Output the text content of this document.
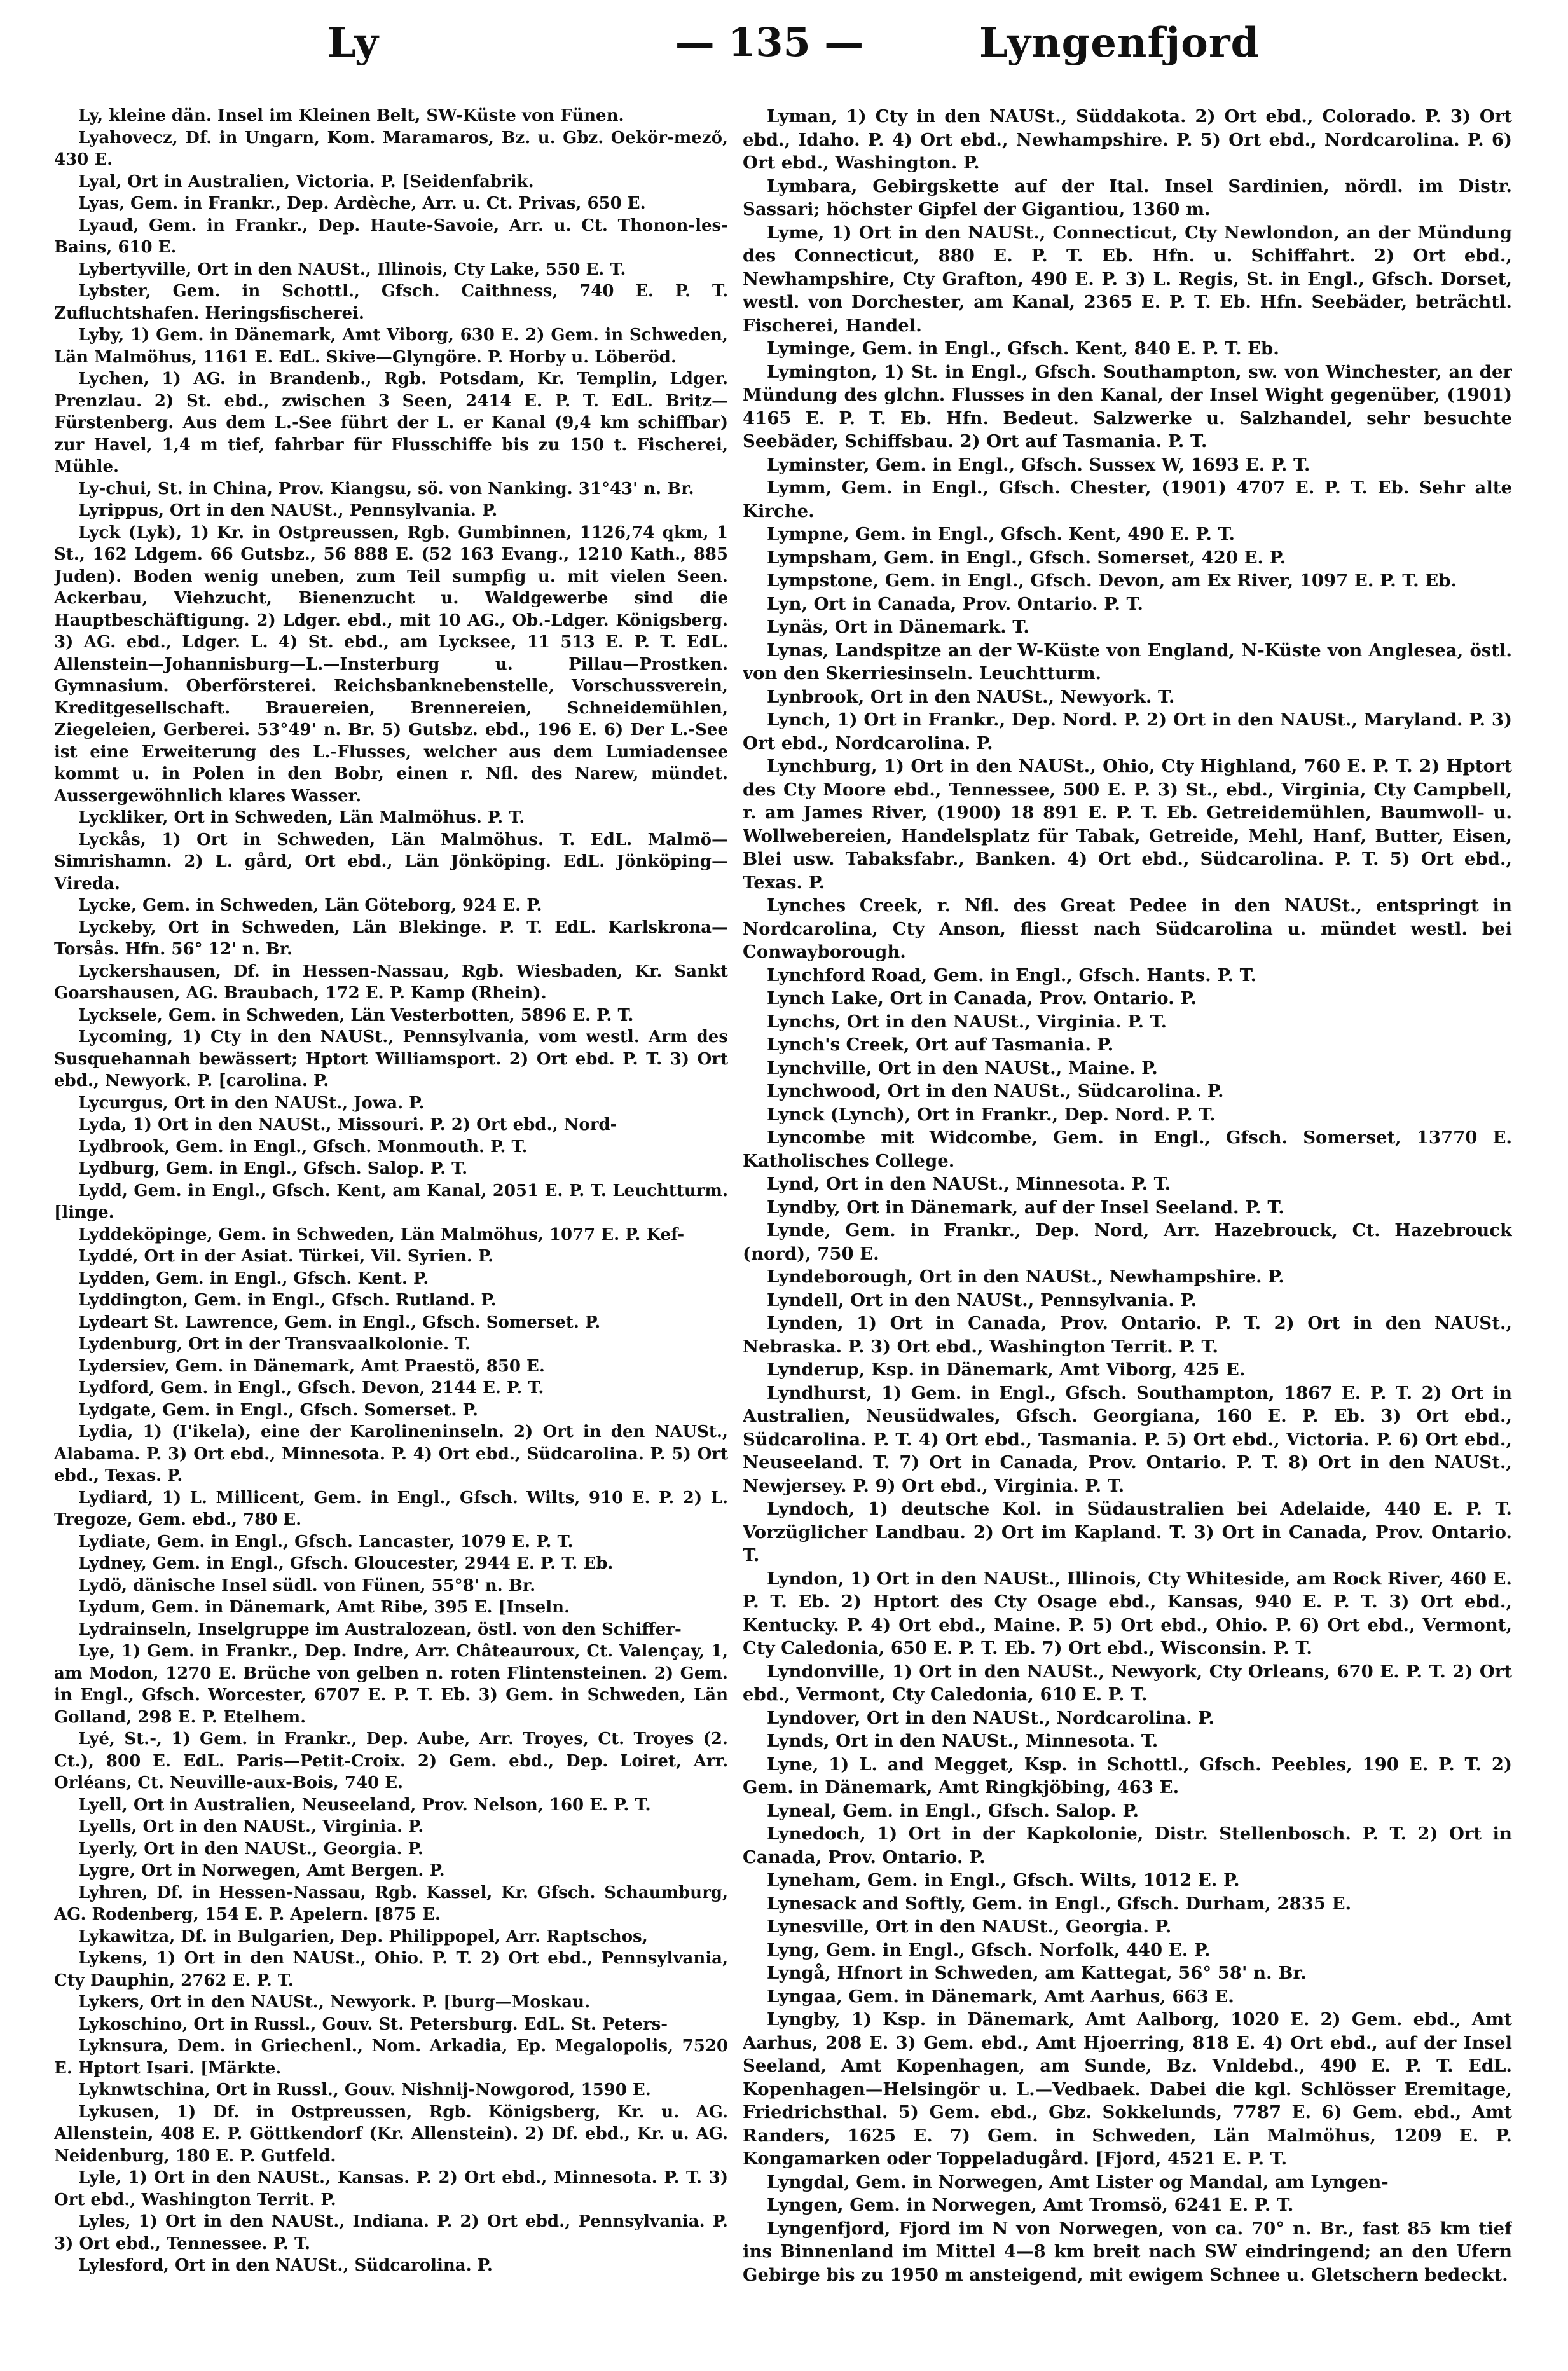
Ly	— 135 —	Lyngenfjord

Ly, kleine dän. Insel im Kleinen Belt, SW-Küste von Fünen.

Lyahovecz, Df. in Ungarn, Kom. Maramaros, Bz. u. Gbz. Oekör-mező, 430 E.

Lyal, Ort in Australien, Victoria. P. [Seidenfabrik.

Lyas, Gem. in Frankr., Dep. Ardèche, Arr. u. Ct. Privas, 650 E.

Lyaud, Gem. in Frankr., Dep. Haute-Savoie, Arr. u. Ct. Thonon-les-Bains, 610 E.

Lybertyville, Ort in den NAUSt., Illinois, Cty Lake, 550 E. T.

Lybster, Gem. in Schottl., Gfsch. Caithness, 740 E. P. T. Zufluchtshafen. Heringsfischerei.

Lyby, 1) Gem. in Dänemark, Amt Viborg, 630 E. 2) Gem. in Schweden, Län Malmöhus, 1161 E. EdL. Skive—Glyngöre. P. Horby u. Löberöd.

Lychen, 1) AG. in Brandenb., Rgb. Potsdam, Kr. Templin, Ldger. Prenzlau. 2) St. ebd., zwischen 3 Seen, 2414 E. P. T. EdL. Britz—Fürstenberg. Aus dem L.-See führt der L. er Kanal (9,4 km schiffbar) zur Havel, 1,4 m tief, fahrbar für Flusschiffe bis zu 150 t. Fischerei, Mühle.

Ly-chui, St. in China, Prov. Kiangsu, sö. von Nanking. 31°43' n. Br.

Lyrippus, Ort in den NAUSt., Pennsylvania. P.

Lyck (Lyk), 1) Kr. in Ostpreussen, Rgb. Gumbinnen, 1126,74 qkm, 1 St., 162 Ldgem. 66 Gutsbz., 56 888 E. (52 163 Evang., 1210 Kath., 885 Juden). Boden wenig uneben, zum Teil sumpfig u. mit vielen Seen. Ackerbau, Viehzucht, Bienenzucht u. Waldgewerbe sind die Hauptbeschäftigung. 2) Ldger. ebd., mit 10 AG., Ob.-Ldger. Königsberg. 3) AG. ebd., Ldger. L. 4) St. ebd., am Lycksee, 11 513 E. P. T. EdL. Allenstein—Johannisburg—L.—Insterburg u. Pillau—Prostken. Gymnasium. Oberförsterei. Reichsbanknebenstelle, Vorschussverein, Kreditgesellschaft. Brauereien, Brennereien, Schneidemühlen, Ziegeleien, Gerberei. 53°49' n. Br. 5) Gutsbz. ebd., 196 E. 6) Der L.-See ist eine Erweiterung des L.-Flusses, welcher aus dem Lumiadensee kommt u. in Polen in den Bobr, einen r. Nfl. des Narew, mündet. Aussergewöhnlich klares Wasser.

Lyckliker, Ort in Schweden, Län Malmöhus. P. T.

Lyckås, 1) Ort in Schweden, Län Malmöhus. T. EdL. Malmö—Simrishamn. 2) L. gård, Ort ebd., Län Jönköping. EdL. Jönköping—Vireda.

Lycke, Gem. in Schweden, Län Göteborg, 924 E. P.

Lyckeby, Ort in Schweden, Län Blekinge. P. T. EdL. Karlskrona—Torsås. Hfn. 56° 12' n. Br.

Lyckershausen, Df. in Hessen-Nassau, Rgb. Wiesbaden, Kr. Sankt Goarshausen, AG. Braubach, 172 E. P. Kamp (Rhein).

Lycksele, Gem. in Schweden, Län Vesterbotten, 5896 E. P. T.

Lycoming, 1) Cty in den NAUSt., Pennsylvania, vom westl. Arm des Susquehannah bewässert; Hptort Williamsport. 2) Ort ebd. P. T. 3) Ort ebd., Newyork. P. [carolina. P.

Lycurgus, Ort in den NAUSt., Jowa. P.

Lyda, 1) Ort in den NAUSt., Missouri. P. 2) Ort ebd., Nord-

Lydbrook, Gem. in Engl., Gfsch. Monmouth. P. T.

Lydburg, Gem. in Engl., Gfsch. Salop. P. T.

Lydd, Gem. in Engl., Gfsch. Kent, am Kanal, 2051 E. P. T. Leuchtturm. [linge.

Lyddeköpinge, Gem. in Schweden, Län Malmöhus, 1077 E. P. Kef-

Lyddé, Ort in der Asiat. Türkei, Vil. Syrien. P.

Lydden, Gem. in Engl., Gfsch. Kent. P.

Lyddington, Gem. in Engl., Gfsch. Rutland. P.

Lydeart St. Lawrence, Gem. in Engl., Gfsch. Somerset. P.

Lydenburg, Ort in der Transvaalkolonie. T.

Lydersiev, Gem. in Dänemark, Amt Praestö, 850 E.

Lydford, Gem. in Engl., Gfsch. Devon, 2144 E. P. T.

Lydgate, Gem. in Engl., Gfsch. Somerset. P.

Lydia, 1) (I'ikela), eine der Karolineninseln. 2) Ort in den NAUSt., Alabama. P. 3) Ort ebd., Minnesota. P. 4) Ort ebd., Südcarolina. P. 5) Ort ebd., Texas. P.

Lydiard, 1) L. Millicent, Gem. in Engl., Gfsch. Wilts, 910 E. P. 2) L. Tregoze, Gem. ebd., 780 E.

Lydiate, Gem. in Engl., Gfsch. Lancaster, 1079 E. P. T.

Lydney, Gem. in Engl., Gfsch. Gloucester, 2944 E. P. T. Eb.

Lydö, dänische Insel südl. von Fünen, 55°8' n. Br.

Lydum, Gem. in Dänemark, Amt Ribe, 395 E. [Inseln.

Lydrainseln, Inselgruppe im Australozean, östl. von den Schiffer-

Lye, 1) Gem. in Frankr., Dep. Indre, Arr. Châteauroux, Ct. Valençay, 1, am Modon, 1270 E. Brüche von gelben n. roten Flintensteinen. 2) Gem. in Engl., Gfsch. Worcester, 6707 E. P. T. Eb. 3) Gem. in Schweden, Län Golland, 298 E. P. Etelhem.

Lyé, St.-, 1) Gem. in Frankr., Dep. Aube, Arr. Troyes, Ct. Troyes (2. Ct.), 800 E. EdL. Paris—Petit-Croix. 2) Gem. ebd., Dep. Loiret, Arr. Orléans, Ct. Neuville-aux-Bois, 740 E.

Lyell, Ort in Australien, Neuseeland, Prov. Nelson, 160 E. P. T.

Lyells, Ort in den NAUSt., Virginia. P.

Lyerly, Ort in den NAUSt., Georgia. P.

Lygre, Ort in Norwegen, Amt Bergen. P.

Lyhren, Df. in Hessen-Nassau, Rgb. Kassel, Kr. Gfsch. Schaumburg, AG. Rodenberg, 154 E. P. Apelern. [875 E.

Lykawitza, Df. in Bulgarien, Dep. Philippopel, Arr. Raptschos,

Lykens, 1) Ort in den NAUSt., Ohio. P. T. 2) Ort ebd., Pennsylvania, Cty Dauphin, 2762 E. P. T.

Lykers, Ort in den NAUSt., Newyork. P. [burg—Moskau.

Lykoschino, Ort in Russl., Gouv. St. Petersburg. EdL. St. Peters-

Lyknsura, Dem. in Griechenl., Nom. Arkadia, Ep. Megalopolis, 7520 E. Hptort Isari. [Märkte.

Lyknwtschina, Ort in Russl., Gouv. Nishnij-Nowgorod, 1590 E.

Lykusen, 1) Df. in Ostpreussen, Rgb. Königsberg, Kr. u. AG. Allenstein, 408 E. P. Göttkendorf (Kr. Allenstein). 2) Df. ebd., Kr. u. AG. Neidenburg, 180 E. P. Gutfeld.

Lyle, 1) Ort in den NAUSt., Kansas. P. 2) Ort ebd., Minnesota. P. T. 3) Ort ebd., Washington Territ. P.

Lyles, 1) Ort in den NAUSt., Indiana. P. 2) Ort ebd., Pennsylvania. P. 3) Ort ebd., Tennessee. P. T.

Lylesford, Ort in den NAUSt., Südcarolina. P.

Lyman, 1) Cty in den NAUSt., Süddakota. 2) Ort ebd., Colorado. P. 3) Ort ebd., Idaho. P. 4) Ort ebd., Newhampshire. P. 5) Ort ebd., Nordcarolina. P. 6) Ort ebd., Washington. P.

Lymbara, Gebirgskette auf der Ital. Insel Sardinien, nördl. im Distr. Sassari; höchster Gipfel der Gigantiou, 1360 m.

Lyme, 1) Ort in den NAUSt., Connecticut, Cty Newlondon, an der Mündung des Connecticut, 880 E. P. T. Eb. Hfn. u. Schiffahrt. 2) Ort ebd., Newhampshire, Cty Grafton, 490 E. P. 3) L. Regis, St. in Engl., Gfsch. Dorset, westl. von Dorchester, am Kanal, 2365 E. P. T. Eb. Hfn. Seebäder, beträchtl. Fischerei, Handel.

Lyminge, Gem. in Engl., Gfsch. Kent, 840 E. P. T. Eb.

Lymington, 1) St. in Engl., Gfsch. Southampton, sw. von Winchester, an der Mündung des glchn. Flusses in den Kanal, der Insel Wight gegenüber, (1901) 4165 E. P. T. Eb. Hfn. Bedeut. Salzwerke u. Salzhandel, sehr besuchte Seebäder, Schiffsbau. 2) Ort auf Tasmania. P. T.

Lyminster, Gem. in Engl., Gfsch. Sussex W, 1693 E. P. T.

Lymm, Gem. in Engl., Gfsch. Chester, (1901) 4707 E. P. T. Eb. Sehr alte Kirche.

Lympne, Gem. in Engl., Gfsch. Kent, 490 E. P. T.

Lympsham, Gem. in Engl., Gfsch. Somerset, 420 E. P.

Lympstone, Gem. in Engl., Gfsch. Devon, am Ex River, 1097 E. P. T. Eb.

Lyn, Ort in Canada, Prov. Ontario. P. T.

Lynäs, Ort in Dänemark. T.

Lynas, Landspitze an der W-Küste von England, N-Küste von Anglesea, östl. von den Skerriesinseln. Leuchtturm.

Lynbrook, Ort in den NAUSt., Newyork. T.

Lynch, 1) Ort in Frankr., Dep. Nord. P. 2) Ort in den NAUSt., Maryland. P. 3) Ort ebd., Nordcarolina. P.

Lynchburg, 1) Ort in den NAUSt., Ohio, Cty Highland, 760 E. P. T. 2) Hptort des Cty Moore ebd., Tennessee, 500 E. P. 3) St., ebd., Virginia, Cty Campbell, r. am James River, (1900) 18 891 E. P. T. Eb. Getreidemühlen, Baumwoll- u. Wollwebereien, Handelsplatz für Tabak, Getreide, Mehl, Hanf, Butter, Eisen, Blei usw. Tabaksfabr., Banken. 4) Ort ebd., Südcarolina. P. T. 5) Ort ebd., Texas. P.

Lynches Creek, r. Nfl. des Great Pedee in den NAUSt., entspringt in Nordcarolina, Cty Anson, fliesst nach Südcarolina u. mündet westl. bei Conwayborough.

Lynchford Road, Gem. in Engl., Gfsch. Hants. P. T.

Lynch Lake, Ort in Canada, Prov. Ontario. P.

Lynchs, Ort in den NAUSt., Virginia. P. T.

Lynch's Creek, Ort auf Tasmania. P.

Lynchville, Ort in den NAUSt., Maine. P.

Lynchwood, Ort in den NAUSt., Südcarolina. P.

Lynck (Lynch), Ort in Frankr., Dep. Nord. P. T.

Lyncombe mit Widcombe, Gem. in Engl., Gfsch. Somerset, 13770 E. Katholisches College.

Lynd, Ort in den NAUSt., Minnesota. P. T.

Lyndby, Ort in Dänemark, auf der Insel Seeland. P. T.

Lynde, Gem. in Frankr., Dep. Nord, Arr. Hazebrouck, Ct. Hazebrouck (nord), 750 E.

Lyndeborough, Ort in den NAUSt., Newhampshire. P.

Lyndell, Ort in den NAUSt., Pennsylvania. P.

Lynden, 1) Ort in Canada, Prov. Ontario. P. T. 2) Ort in den NAUSt., Nebraska. P. 3) Ort ebd., Washington Territ. P. T.

Lynderup, Ksp. in Dänemark, Amt Viborg, 425 E.

Lyndhurst, 1) Gem. in Engl., Gfsch. Southampton, 1867 E. P. T. 2) Ort in Australien, Neusüdwales, Gfsch. Georgiana, 160 E. P. Eb. 3) Ort ebd., Südcarolina. P. T. 4) Ort ebd., Tasmania. P. 5) Ort ebd., Victoria. P. 6) Ort ebd., Neuseeland. T. 7) Ort in Canada, Prov. Ontario. P. T. 8) Ort in den NAUSt., Newjersey. P. 9) Ort ebd., Virginia. P. T.

Lyndoch, 1) deutsche Kol. in Südaustralien bei Adelaide, 440 E. P. T. Vorzüglicher Landbau. 2) Ort im Kapland. T. 3) Ort in Canada, Prov. Ontario. T.

Lyndon, 1) Ort in den NAUSt., Illinois, Cty Whiteside, am Rock River, 460 E. P. T. Eb. 2) Hptort des Cty Osage ebd., Kansas, 940 E. P. T. 3) Ort ebd., Kentucky. P. 4) Ort ebd., Maine. P. 5) Ort ebd., Ohio. P. 6) Ort ebd., Vermont, Cty Caledonia, 650 E. P. T. Eb. 7) Ort ebd., Wisconsin. P. T.

Lyndonville, 1) Ort in den NAUSt., Newyork, Cty Orleans, 670 E. P. T. 2) Ort ebd., Vermont, Cty Caledonia, 610 E. P. T.

Lyndover, Ort in den NAUSt., Nordcarolina. P.

Lynds, Ort in den NAUSt., Minnesota. T.

Lyne, 1) L. and Megget, Ksp. in Schottl., Gfsch. Peebles, 190 E. P. T. 2) Gem. in Dänemark, Amt Ringkjöbing, 463 E.

Lyneal, Gem. in Engl., Gfsch. Salop. P.

Lynedoch, 1) Ort in der Kapkolonie, Distr. Stellenbosch. P. T. 2) Ort in Canada, Prov. Ontario. P.

Lyneham, Gem. in Engl., Gfsch. Wilts, 1012 E. P.

Lynesack and Softly, Gem. in Engl., Gfsch. Durham, 2835 E.

Lynesville, Ort in den NAUSt., Georgia. P.

Lyng, Gem. in Engl., Gfsch. Norfolk, 440 E. P.

Lyngå, Hfnort in Schweden, am Kattegat, 56° 58' n. Br.

Lyngaa, Gem. in Dänemark, Amt Aarhus, 663 E.

Lyngby, 1) Ksp. in Dänemark, Amt Aalborg, 1020 E. 2) Gem. ebd., Amt Aarhus, 208 E. 3) Gem. ebd., Amt Hjoerring, 818 E. 4) Ort ebd., auf der Insel Seeland, Amt Kopenhagen, am Sunde, Bz. Vnldebd., 490 E. P. T. EdL. Kopenhagen—Helsingör u. L.—Vedbaek. Dabei die kgl. Schlösser Eremitage, Friedrichsthal. 5) Gem. ebd., Gbz. Sokkelunds, 7787 E. 6) Gem. ebd., Amt Randers, 1625 E. 7) Gem. in Schweden, Län Malmöhus, 1209 E. P. Kongamarken oder Toppeladugård. [Fjord, 4521 E. P. T.

Lyngdal, Gem. in Norwegen, Amt Lister og Mandal, am Lyngen-

Lyngen, Gem. in Norwegen, Amt Tromsö, 6241 E. P. T.

Lyngenfjord, Fjord im N von Norwegen, von ca. 70° n. Br., fast 85 km tief ins Binnenland im Mittel 4—8 km breit nach SW eindringend; an den Ufern Gebirge bis zu 1950 m ansteigend, mit ewigem Schnee u. Gletschern bedeckt.
